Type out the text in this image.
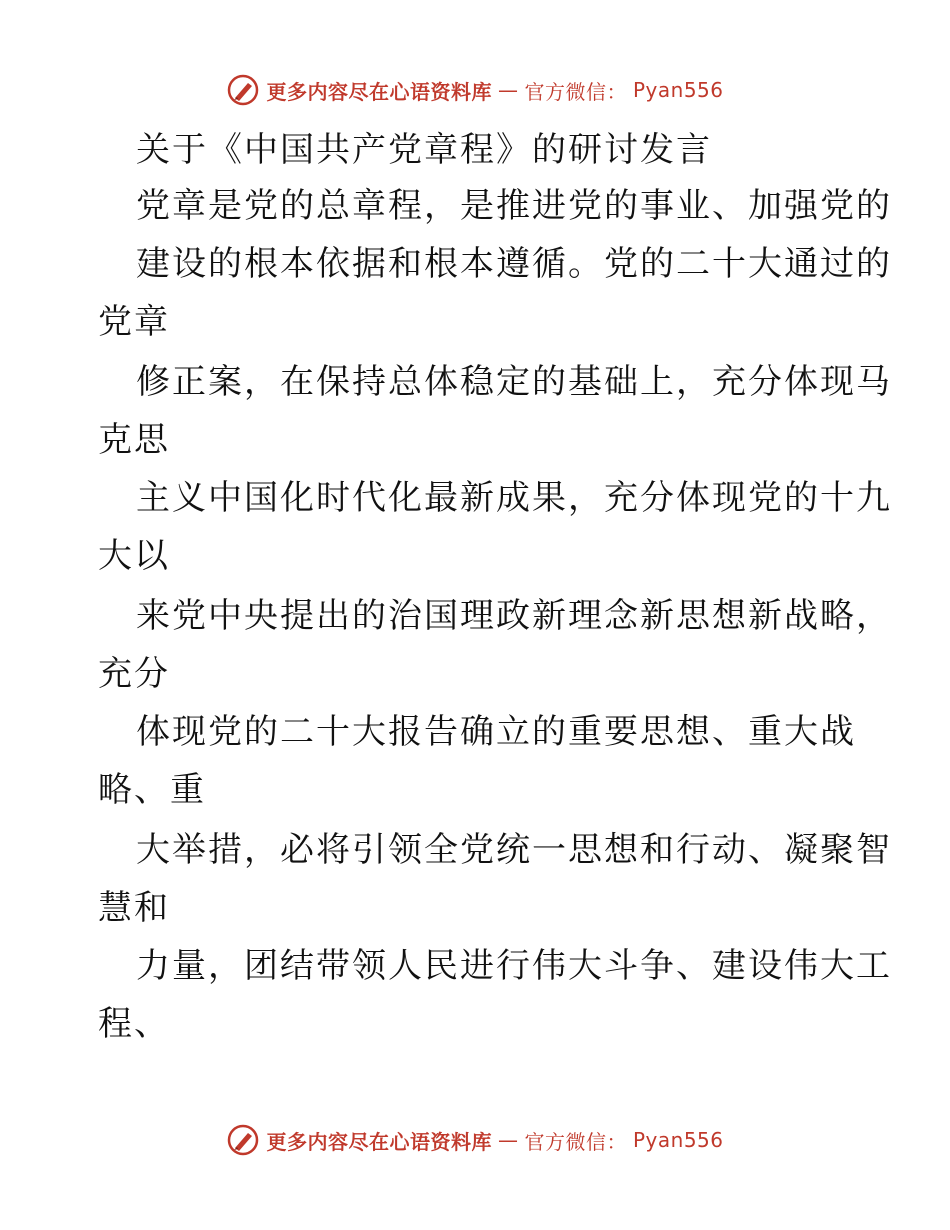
更多内容尽在心语资料库 — 官方微信： Pyan556
关于《中国共产党章程》的研讨发言
党章是党的总章程，是推进党的事业、加强党的
建设的根本依据和根本遵循。党的二十大通过的
党章
修正案，在保持总体稳定的基础上，充分体现马
克思
主义中国化时代化最新成果，充分体现党的十九
大以
来党中央提出的治国理政新理念新思想新战略，
充分
体现党的二十大报告确立的重要思想、重大战
略、重
大举措，必将引领全党统一思想和行动、凝聚智
慧和
力量，团结带领人民进行伟大斗争、建设伟大工
程、
更多内容尽在心语资料库 — 官方微信： Pyan556
